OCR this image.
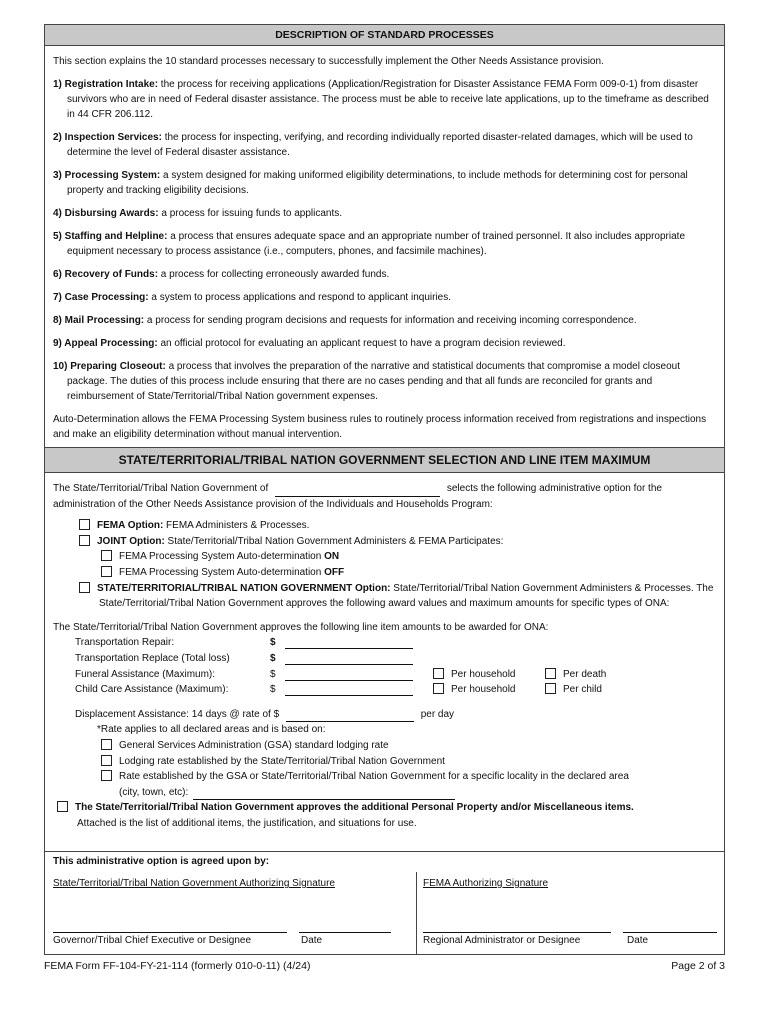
DESCRIPTION OF STANDARD PROCESSES

This section explains the 10 standard processes necessary to successfully implement the Other Needs Assistance provision.

1) Registration Intake: the process for receiving applications (Application/Registration for Disaster Assistance FEMA Form 009-0-1) from disaster survivors who are in need of Federal disaster assistance. The process must be able to receive late applications, up to the timeframe as described in 44 CFR 206.112.
2) Inspection Services: the process for inspecting, verifying, and recording individually reported disaster-related damages, which will be used to determine the level of Federal disaster assistance.
3) Processing System: a system designed for making uniformed eligibility determinations, to include methods for determining cost for personal property and tracking eligibility decisions.
4) Disbursing Awards: a process for issuing funds to applicants.
5) Staffing and Helpline: a process that ensures adequate space and an appropriate number of trained personnel. It also includes appropriate equipment necessary to process assistance (i.e., computers, phones, and facsimile machines).
6) Recovery of Funds: a process for collecting erroneously awarded funds.
7) Case Processing: a system to process applications and respond to applicant inquiries.
8) Mail Processing: a process for sending program decisions and requests for information and receiving incoming correspondence.
9) Appeal Processing: an official protocol for evaluating an applicant request to have a program decision reviewed.
10) Preparing Closeout: a process that involves the preparation of the narrative and statistical documents that compromise a model closeout package. The duties of this process include ensuring that there are no cases pending and that all funds are reconciled for grants and reimbursement of State/Territorial/Tribal Nation government expenses.

Auto-Determination allows the FEMA Processing System business rules to routinely process information received from registrations and inspections and make an eligibility determination without manual intervention.

STATE/TERRITORIAL/TRIBAL NATION GOVERNMENT SELECTION AND LINE ITEM MAXIMUM
The State/Territorial/Tribal Nation Government of	selects the following administrative option for the
administration of the Other Needs Assistance provision of the Individuals and Households Program:
FEMA Option: FEMA Administers & Processes.
JOINT Option: State/Territorial/Tribal Nation Government Administers & FEMA Participates:
FEMA Processing System Auto-determination ON
FEMA Processing System Auto-determination OFF
STATE/TERRITORIAL/TRIBAL NATION GOVERNMENT Option: State/Territorial/Tribal Nation Government Administers & Processes. The State/Territorial/Tribal Nation Government approves the following award values and maximum amounts for specific types of ONA:
The State/Territorial/Tribal Nation Government approves the following line item amounts to be awarded for ONA:
Transportation Repair:	$
Transportation Replace (Total loss)	$
Funeral Assistance (Maximum):	$	Per household	Per death
Child Care Assistance (Maximum):	$	Per household	Per child
Displacement Assistance: 14 days @ rate of $	per day
*Rate applies to all declared areas and is based on:
General Services Administration (GSA) standard lodging rate
Lodging rate established by the State/Territorial/Tribal Nation Government
Rate established by the GSA or State/Territorial/Tribal Nation Government for a specific locality in the declared area
(city, town, etc):
The State/Territorial/Tribal Nation Government approves the additional Personal Property and/or Miscellaneous items.
Attached is the list of additional items, the justification, and situations for use.
This administrative option is agreed upon by:
State/Territorial/Tribal Nation Government Authorizing Signature	FEMA Authorizing Signature
Governor/Tribal Chief Executive or Designee	Date	Regional Administrator or Designee	Date
FEMA Form FF-104-FY-21-114 (formerly 010-0-11) (4/24)	Page 2 of 3
